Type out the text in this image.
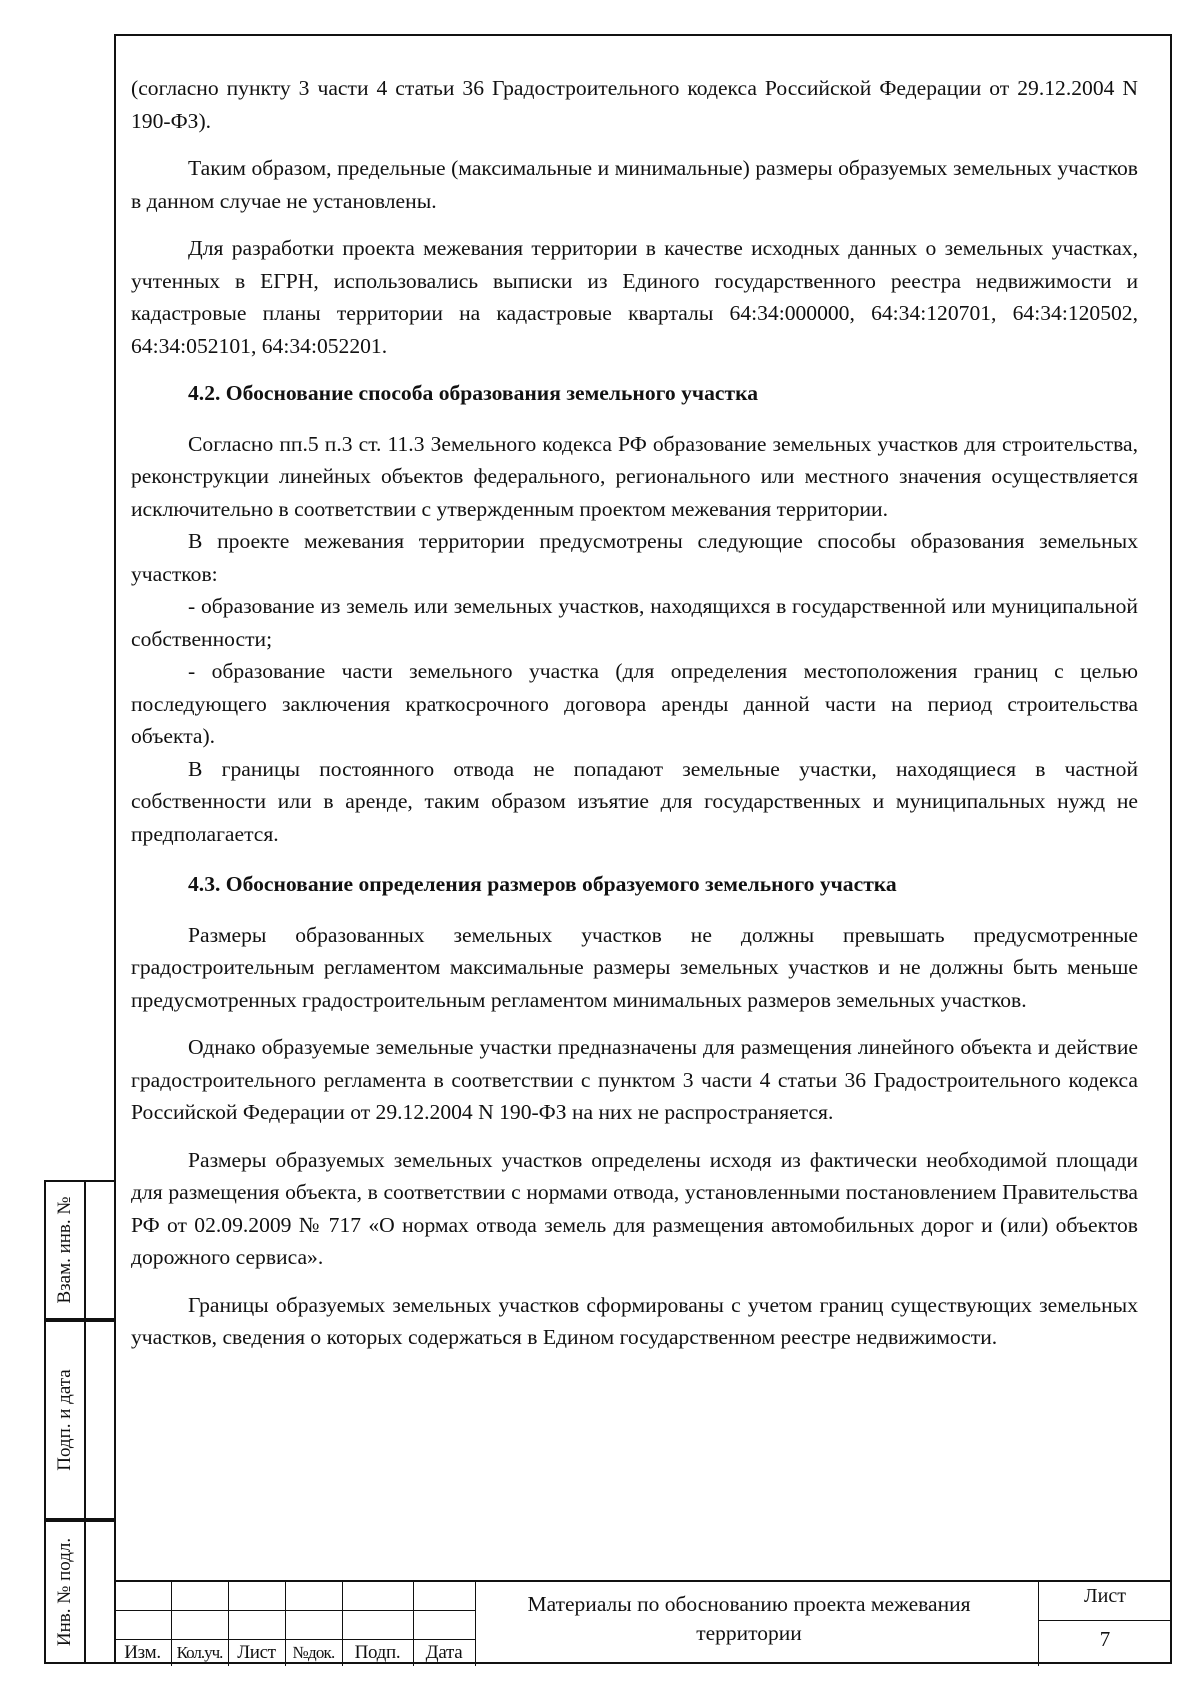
(согласно пункту 3 части 4 статьи 36 Градостроительного кодекса Российской Федерации от 29.12.2004 N 190-ФЗ).

Таким образом, предельные (максимальные и минимальные) размеры образуемых земельных участков в данном случае не установлены.

Для разработки проекта межевания территории в качестве исходных данных о земельных участках, учтенных в ЕГРН, использовались выписки из Единого государственного реестра недвижимости и кадастровые планы территории на кадастровые кварталы 64:34:000000, 64:34:120701, 64:34:120502, 64:34:052101, 64:34:052201.

4.2. Обоснование способа образования земельного участка

Согласно пп.5 п.3 ст. 11.3 Земельного кодекса РФ образование земельных участков для строительства, реконструкции линейных объектов федерального, регионального или местного значения осуществляется исключительно в соответствии с утвержденным проектом межевания территории.

В проекте межевания территории предусмотрены следующие способы образования земельных участков:

- образование из земель или земельных участков, находящихся в государственной или муниципальной собственности;

- образование части земельного участка (для определения местоположения границ с целью последующего заключения краткосрочного договора аренды данной части на период строительства объекта).

В границы постоянного отвода не попадают земельные участки, находящиеся в частной собственности или в аренде, таким образом изъятие для государственных и муниципальных нужд не предполагается.

4.3. Обоснование определения размеров образуемого земельного участка

Размеры образованных земельных участков не должны превышать предусмотренные градостроительным регламентом максимальные размеры земельных участков и не должны быть меньше предусмотренных градостроительным регламентом минимальных размеров земельных участков.

Однако образуемые земельные участки предназначены для размещения линейного объекта и действие градостроительного регламента в соответствии с пунктом 3 части 4 статьи 36 Градостроительного кодекса Российской Федерации от 29.12.2004 N 190-ФЗ на них не распространяется.

Размеры образуемых земельных участков определены исходя из фактически необходимой площади для размещения объекта, в соответствии с нормами отвода, установленными постановлением Правительства РФ от 02.09.2009 № 717 «О нормах отвода земель для размещения автомобильных дорог и (или) объектов дорожного сервиса».

Границы образуемых земельных участков сформированы с учетом границ существующих земельных участков, сведения о которых содержаться в Едином государственном реестре недвижимости.

Взам. инв. №
Подп. и дата
Инв. № подл.
Изм. Кол.уч. Лист №док.	Подп.	Дата
Материалы по обоснованию проекта межевания территории
Лист
7
